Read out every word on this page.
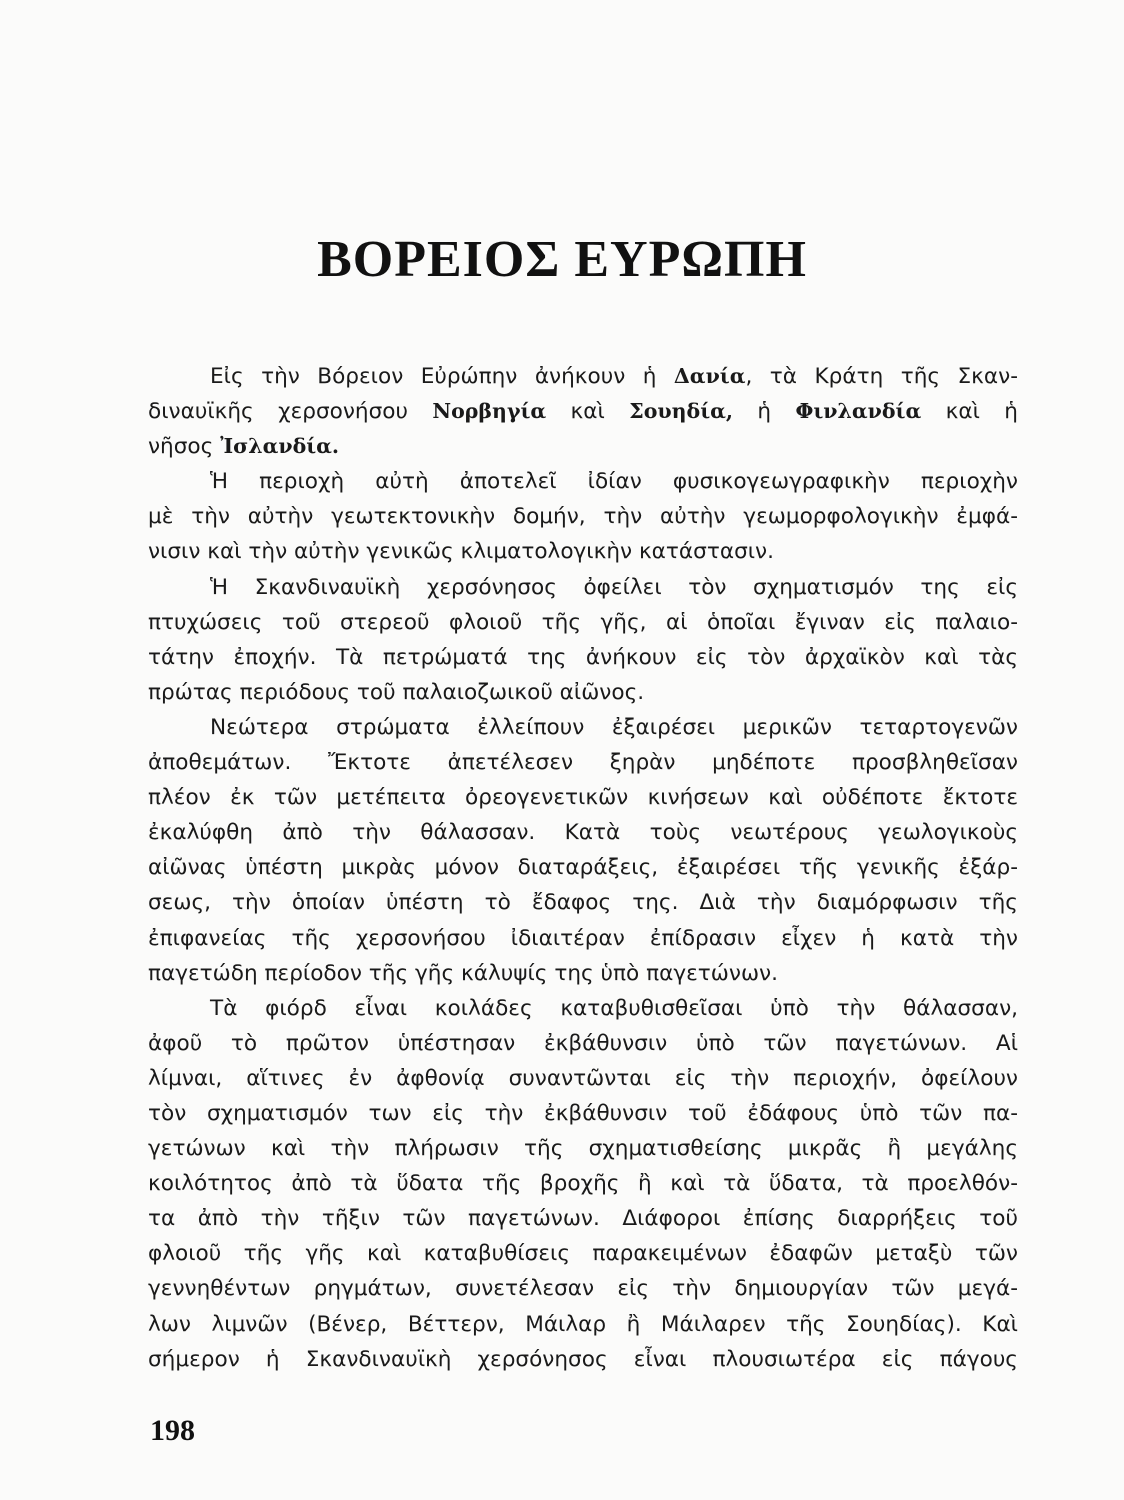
ΒΟΡΕΙΟΣ ΕΥΡΩΠΗ
Εἰς τὴν Βόρειον Εὐρώπην ἀνήκουν ἡ Δανία, τὰ Κράτη τῆς Σκαν-
διναυϊκῆς χερσονήσου Νορβηγία καὶ Σουηδία, ἡ Φινλανδία καὶ ἡ
νῆσος Ἰσλανδία.
Ἡ περιοχὴ αὐτὴ ἀποτελεῖ ἰδίαν φυσικογεωγραφικὴν περιοχὴν
μὲ τὴν αὐτὴν γεωτεκτονικὴν δομήν, τὴν αὐτὴν γεωμορφολογικὴν ἐμφά-
νισιν καὶ τὴν αὐτὴν γενικῶς κλιματολογικὴν κατάστασιν.
Ἡ Σκανδιναυϊκὴ χερσόνησος ὀφείλει τὸν σχηματισμόν της εἰς
πτυχώσεις τοῦ στερεοῦ φλοιοῦ τῆς γῆς, αἱ ὁποῖαι ἔγιναν εἰς παλαιο-
τάτην ἐποχήν. Τὰ πετρώματά της ἀνήκουν εἰς τὸν ἀρχαϊκὸν καὶ τὰς
πρώτας περιόδους τοῦ παλαιοζωικοῦ αἰῶνος.
Νεώτερα στρώματα ἐλλείπουν ἐξαιρέσει μερικῶν τεταρτογενῶν
ἀποθεμάτων. Ἔκτοτε ἀπετέλεσεν ξηρὰν μηδέποτε προσβληθεῖσαν
πλέον ἐκ τῶν μετέπειτα ὀρεογενετικῶν κινήσεων καὶ οὐδέποτε ἔκτοτε
ἐκαλύφθη ἀπὸ τὴν θάλασσαν. Κατὰ τοὺς νεωτέρους γεωλογικοὺς
αἰῶνας ὑπέστη μικρὰς μόνον διαταράξεις, ἐξαιρέσει τῆς γενικῆς ἐξάρ-
σεως, τὴν ὁποίαν ὑπέστη τὸ ἔδαφος της. Διὰ τὴν διαμόρφωσιν τῆς
ἐπιφανείας τῆς χερσονήσου ἰδιαιτέραν ἐπίδρασιν εἶχεν ἡ κατὰ τὴν
παγετώδη περίοδον τῆς γῆς κάλυψίς της ὑπὸ παγετώνων.
Τὰ φιόρδ εἶναι κοιλάδες καταβυθισθεῖσαι ὑπὸ τὴν θάλασσαν,
ἀφοῦ τὸ πρῶτον ὑπέστησαν ἐκβάθυνσιν ὑπὸ τῶν παγετώνων. Αἱ
λίμναι, αἵτινες ἐν ἀφθονίᾳ συναντῶνται εἰς τὴν περιοχήν, ὀφείλουν
τὸν σχηματισμόν των εἰς τὴν ἐκβάθυνσιν τοῦ ἐδάφους ὑπὸ τῶν πα-
γετώνων καὶ τὴν πλήρωσιν τῆς σχηματισθείσης μικρᾶς ἢ μεγάλης
κοιλότητος ἀπὸ τὰ ὕδατα τῆς βροχῆς ἢ καὶ τὰ ὕδατα, τὰ προελθόν-
τα ἀπὸ τὴν τῆξιν τῶν παγετώνων. Διάφοροι ἐπίσης διαρρήξεις τοῦ
φλοιοῦ τῆς γῆς καὶ καταβυθίσεις παρακειμένων ἐδαφῶν μεταξὺ τῶν
γεννηθέντων ρηγμάτων, συνετέλεσαν εἰς τὴν δημιουργίαν τῶν μεγά-
λων λιμνῶν (Βένερ, Βέττερν, Μάιλαρ ἢ Μάιλαρεν τῆς Σουηδίας). Καὶ
σήμερον ἡ Σκανδιναυϊκὴ χερσόνησος εἶναι πλουσιωτέρα εἰς πάγους
198
